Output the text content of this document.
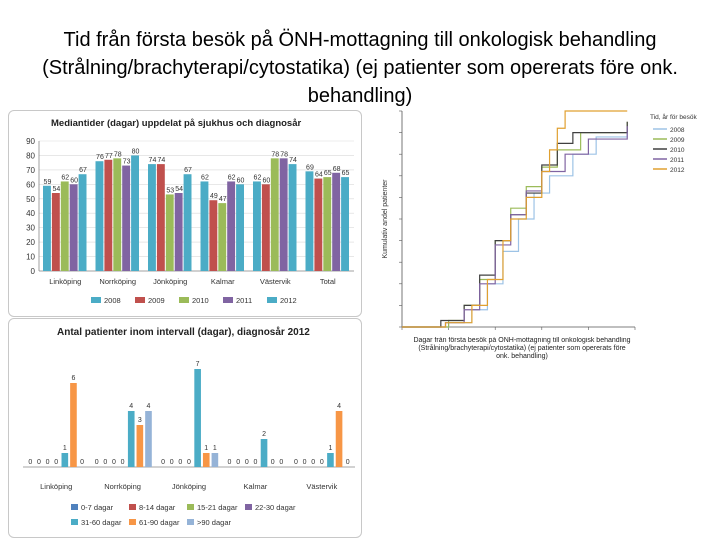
Tid från första besök på ÖNH-mottagning till onkologisk behandling (Strålning/brachyterapi/cytostatika) (ej patienter som opererats före onk. behandling)
Mediantider (dagar) uppdelat på sjukhus och diagnosår
0
10
20
30
40
50
60
70
80
90
59
54
62 60
67
Linköping
76 77 78
73
80
Norrköping
74 74
53 54
67
Jönköping
62
49 47
62 60
Kalmar
62 60
78 78
74
Västervik
69
64 65
68
65
Total
2008	2009	2010	2011	2012
Antal patienter inom intervall (dagar), diagnosår 2012
0 0 0 0
1
6
0
Linköping
0 0 0 0
4
3
4
Norrköping
0 0 0 0
7
1 1
Jönköping
0 0 0 0
2
0 0
Kalmar
0 0 0 0
1
4
0
Västervik
0-7 dagar	8-14 dagar	15-21 dagar 22-30 dagar
31-60 dagar 61-90 dagar >90 dagar
Kumulativ andel patienter
Tid, år för besök
2008
2009
2010
2011
2012
Dagar från första besök på ÖNH-mottagning till onkologisk behandling (Strålning/brachyterapi/cytostatika) (ej patienter som opererats före onk. behandling)
